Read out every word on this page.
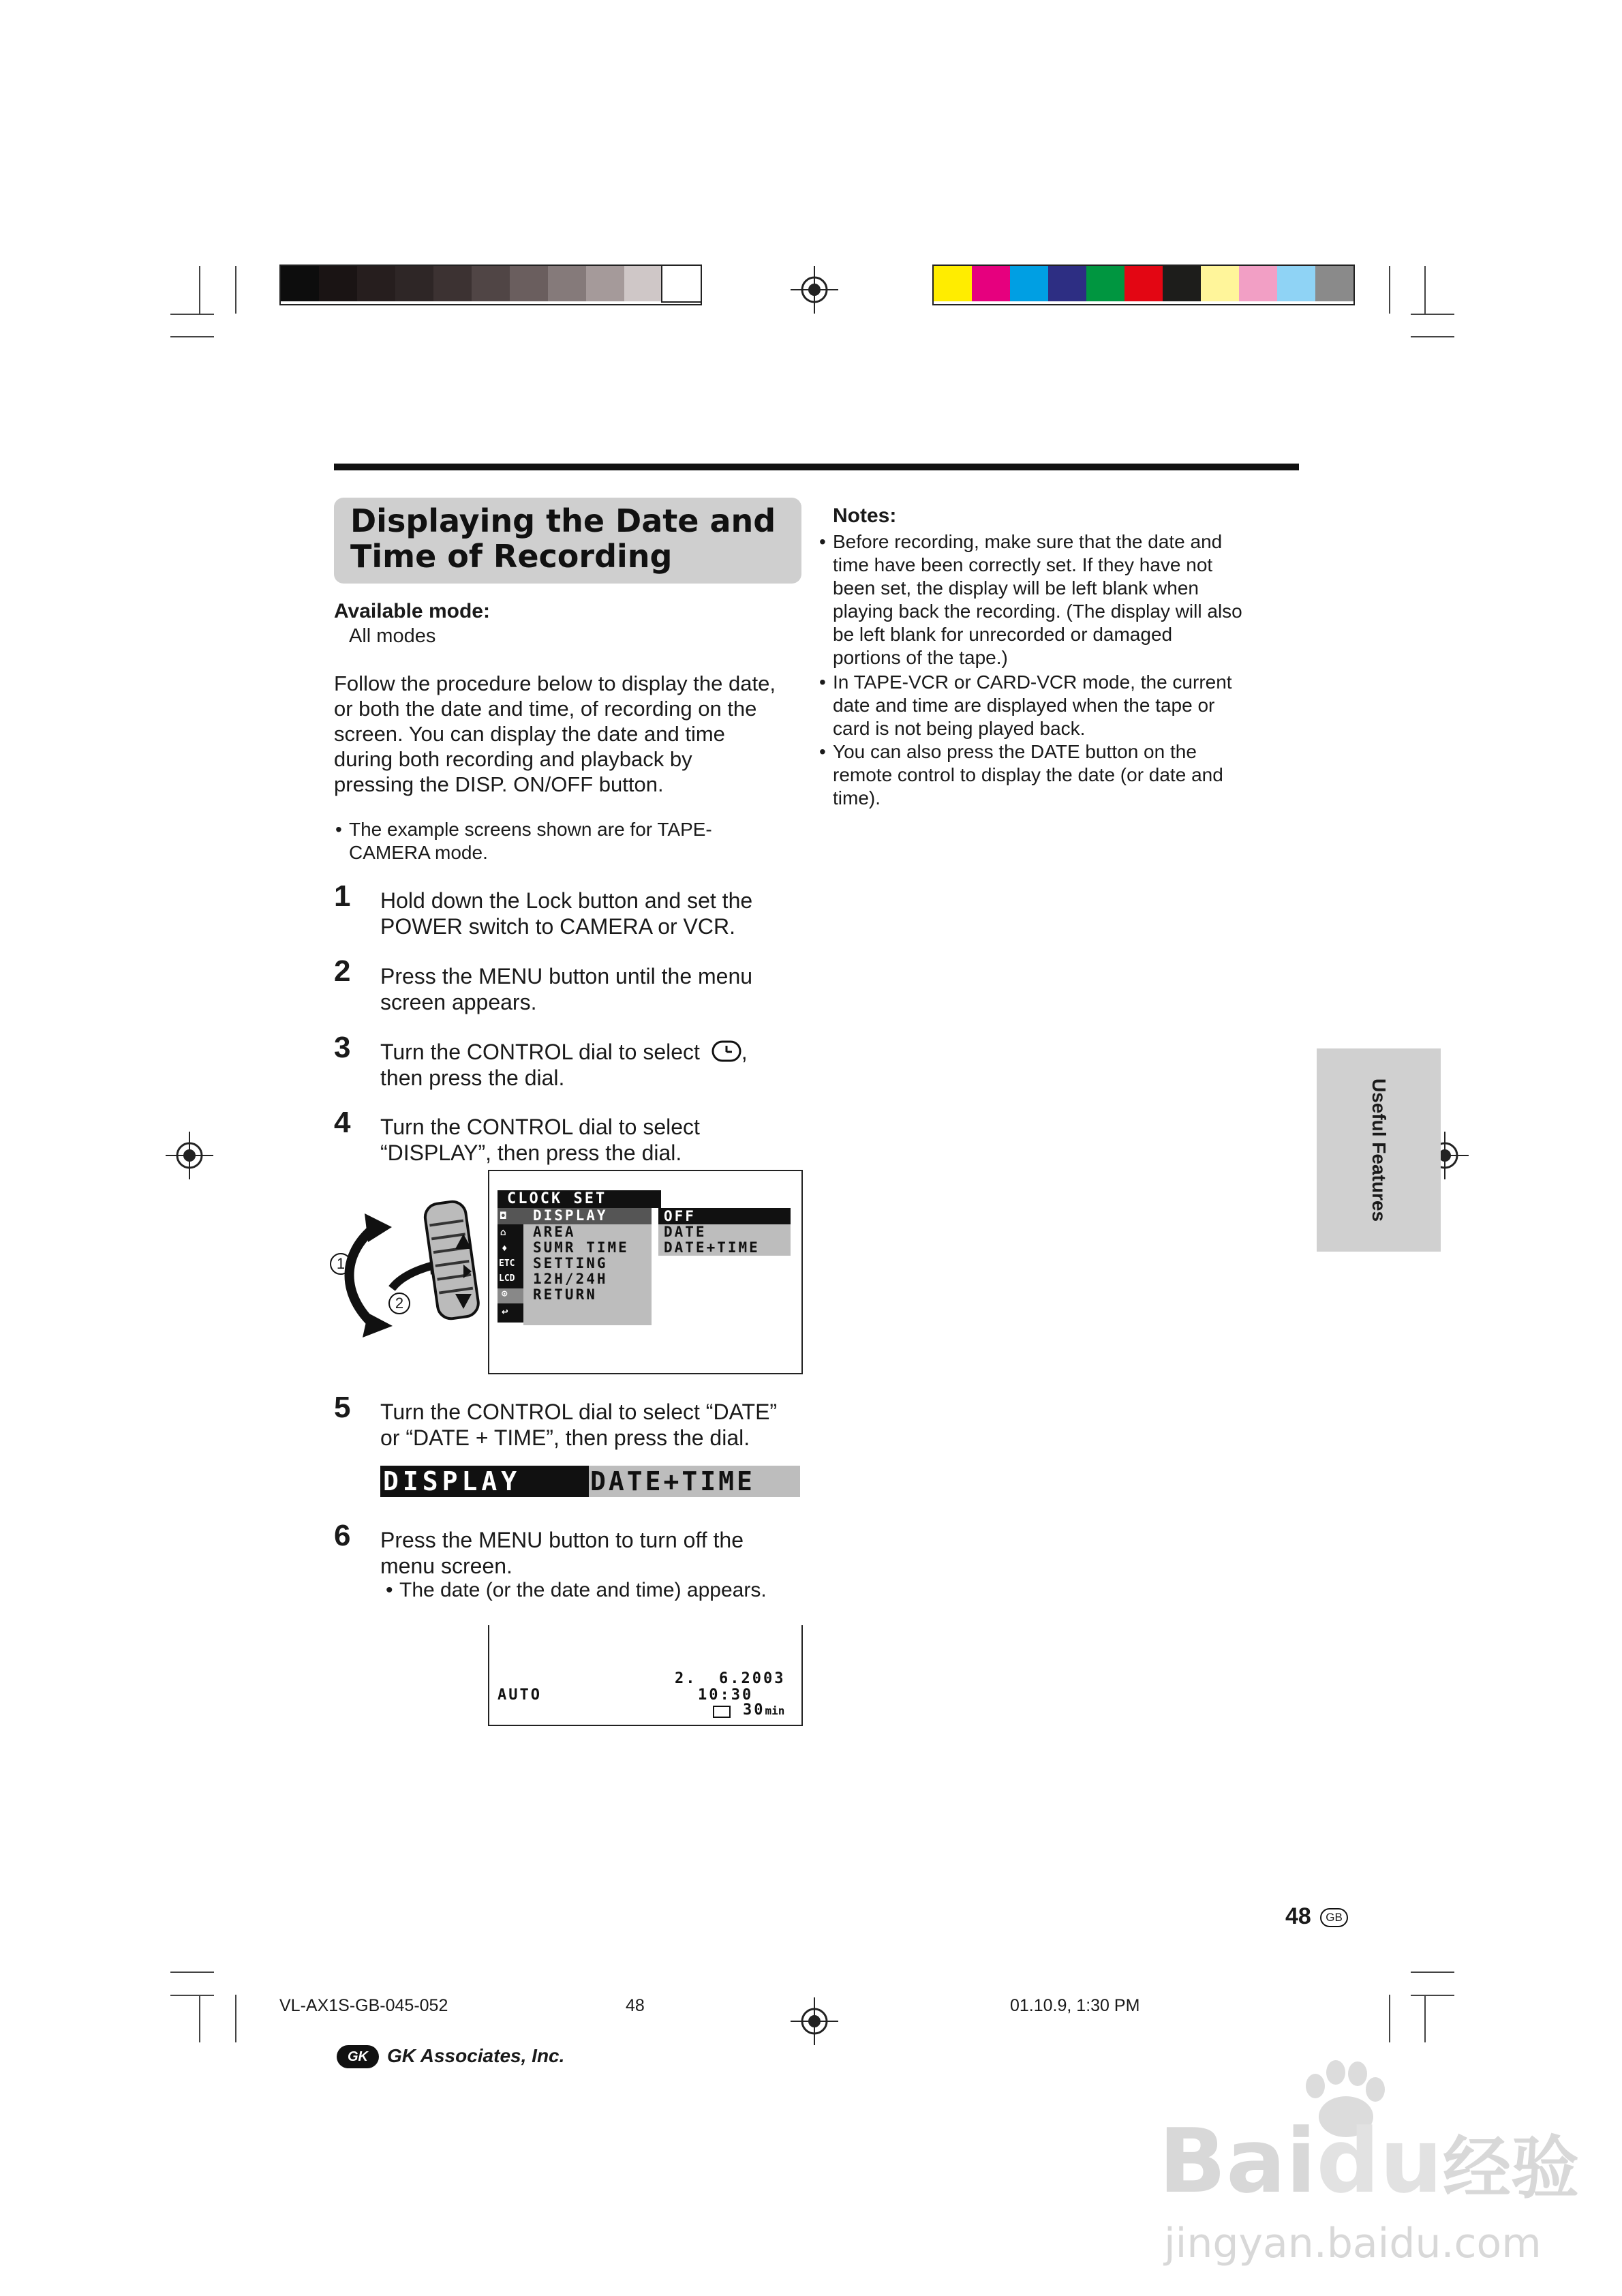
Displaying the Date and
Time of Recording
Available mode:
All modes
Follow the procedure below to display the date,
or both the date and time, of recording on the
screen. You can display the date and time
during both recording and playback by
pressing the DISP. ON/OFF button.
• The example screens shown are for TAPE-
CAMERA mode.
1 Hold down the Lock button and set the
POWER switch to CAMERA or VCR.
2 Press the MENU button until the menu
screen appears.
3 Turn the CONTROL dial to select ,
then press the dial.
4 Turn the CONTROL dial to select
“DISPLAY”, then press the dial.
1
2
CLOCK SET
◘
⌂
♦
ETC
LCD
⊙
↩
DISPLAY
AREA
SUMR TIME
SETTING
12H/24H
RETURN
OFF
DATE
DATE+TIME
5 Turn the CONTROL dial to select “DATE”
or “DATE + TIME”, then press the dial.
DISPLAY	DATE+TIME
6 Press the MENU button to turn off the
menu screen.
• The date (or the date and time) appears.
2.  6.2003
10:30
AUTO
30min
Notes:
• Before recording, make sure that the date and
time have been correctly set. If they have not
been set, the display will be left blank when
playing back the recording. (The display will also
be left blank for unrecorded or damaged
portions of the tape.)
• In TAPE-VCR or CARD-VCR mode, the current
date and time are displayed when the tape or
card is not being played back.
• You can also press the DATE button on the
remote control to display the date (or date and
time).
Useful Features
48 GB
VL-AX1S-GB-045-052	48	01.10.9, 1:30 PM
GK	GK Associates, Inc.
Baidu经验
jingyan.baidu.com
